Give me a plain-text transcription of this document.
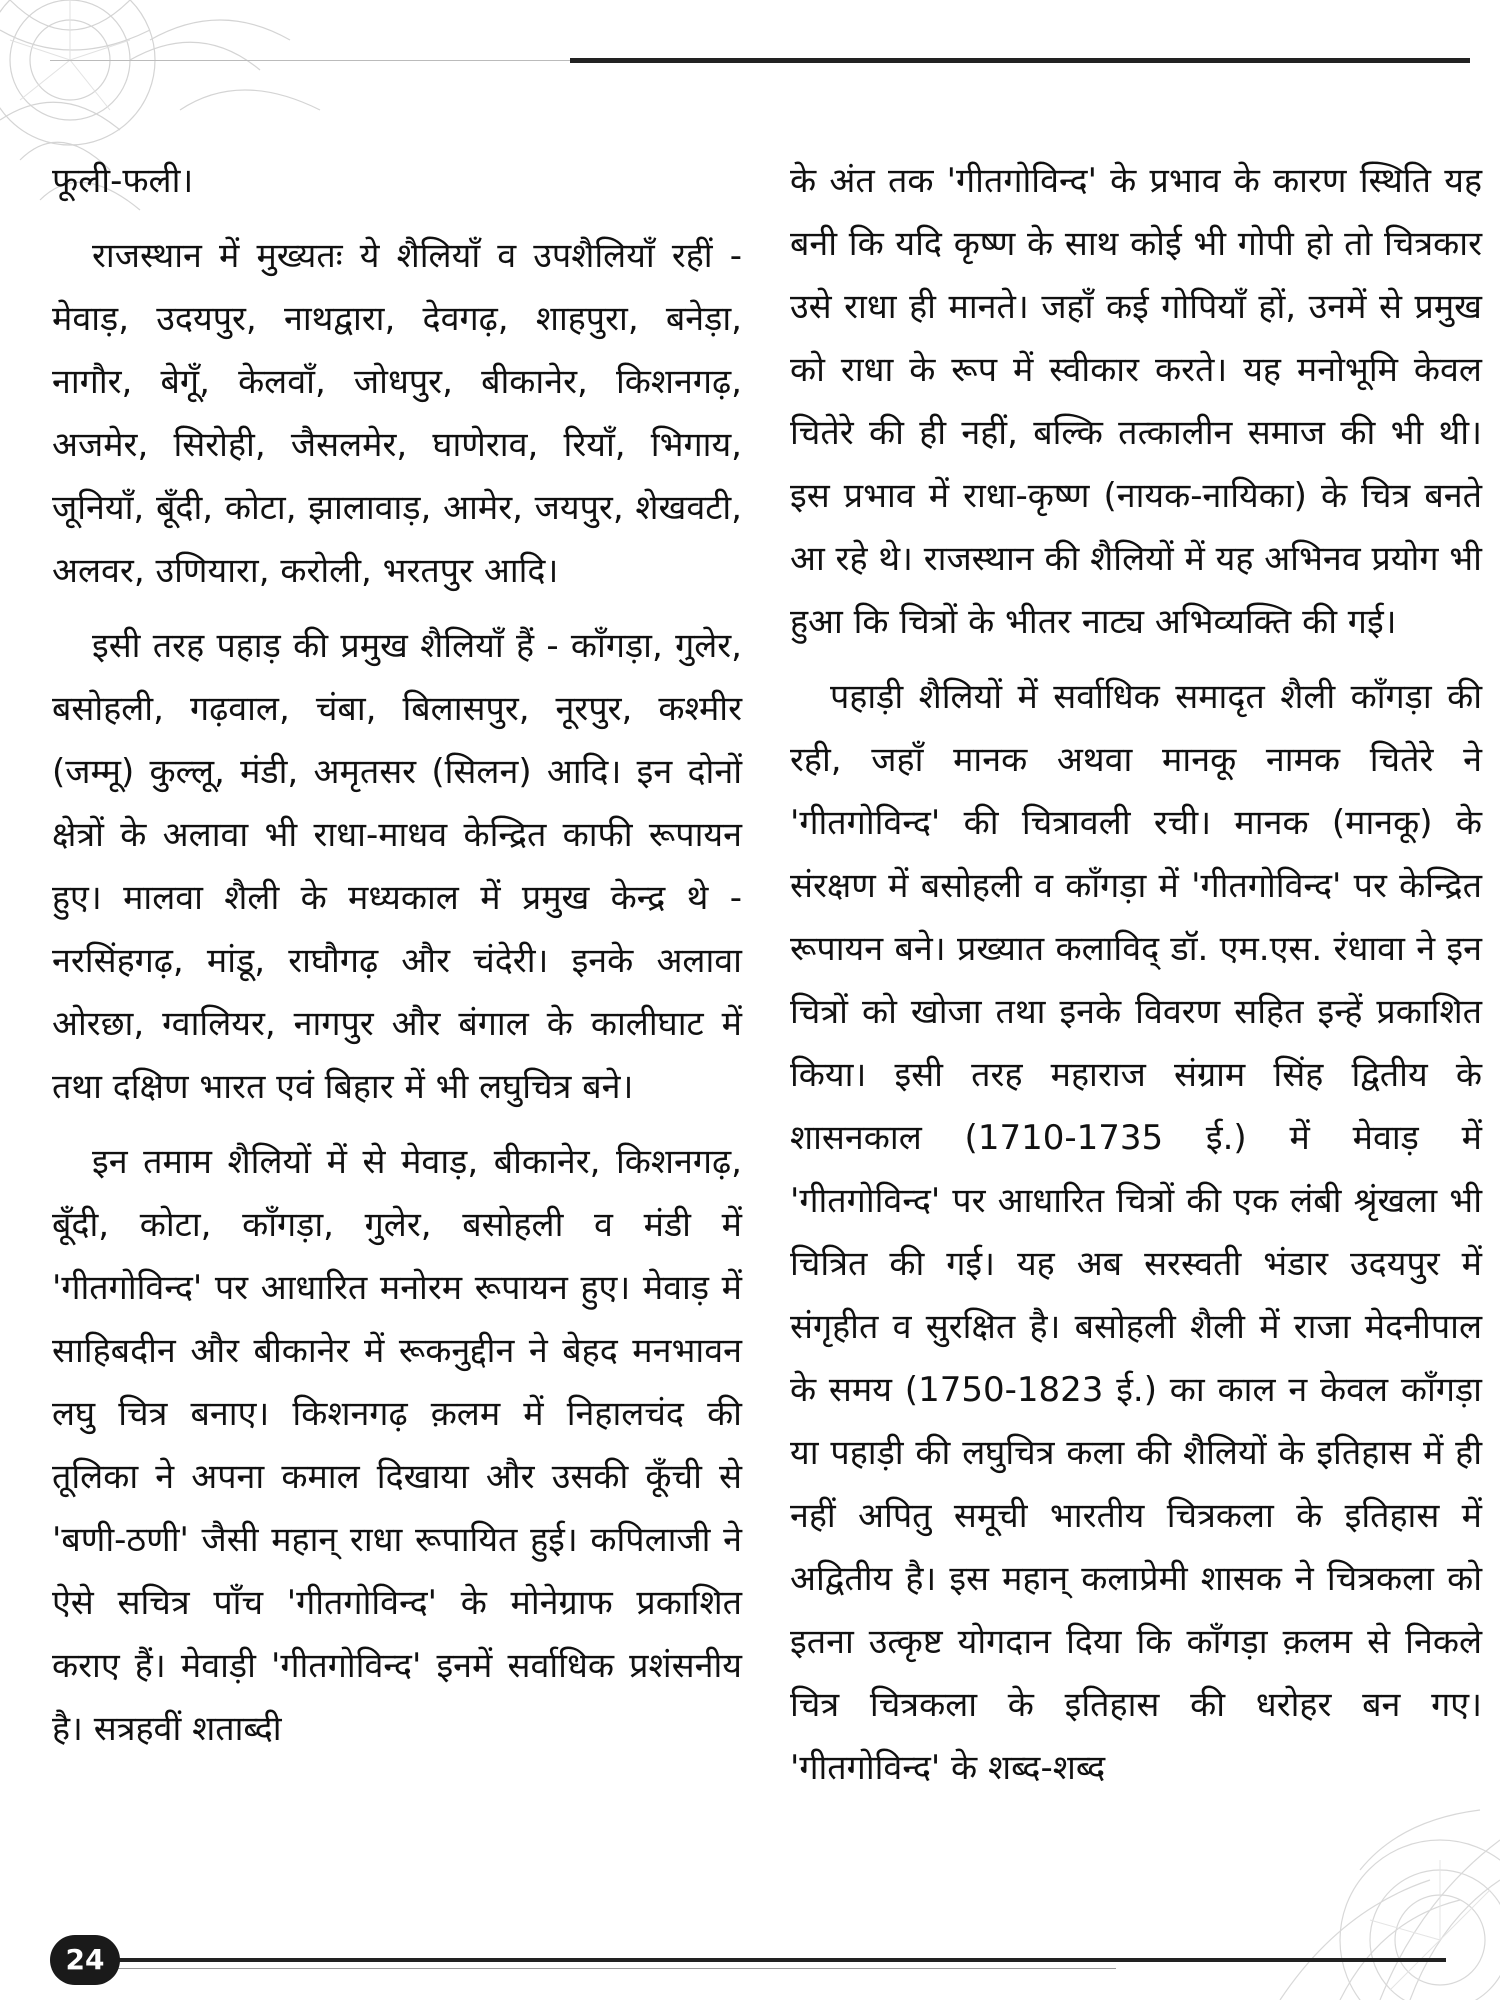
फूली-फली।

राजस्थान में मुख्यतः ये शैलियाँ व उपशैलियाँ रहीं - मेवाड़, उदयपुर, नाथद्वारा, देवगढ़, शाहपुरा, बनेड़ा, नागौर, बेगूँ, केलवाँ, जोधपुर, बीकानेर, किशनगढ़, अजमेर, सिरोही, जैसलमेर, घाणेराव, रियाँ, भिगाय, जूनियाँ, बूँदी, कोटा, झालावाड़, आमेर, जयपुर, शेखवटी, अलवर, उणियारा, करोली, भरतपुर आदि।

इसी तरह पहाड़ की प्रमुख शैलियाँ हैं - काँगड़ा, गुलेर, बसोहली, गढ़वाल, चंबा, बिलासपुर, नूरपुर, कश्मीर (जम्मू) कुल्लू, मंडी, अमृतसर (सिलन) आदि। इन दोनों क्षेत्रों के अलावा भी राधा-माधव केन्द्रित काफी रूपायन हुए। मालवा शैली के मध्यकाल में प्रमुख केन्द्र थे - नरसिंहगढ़, मांडू, राघौगढ़ और चंदेरी। इनके अलावा ओरछा, ग्वालियर, नागपुर और बंगाल के कालीघाट में तथा दक्षिण भारत एवं बिहार में भी लघुचित्र बने।

इन तमाम शैलियों में से मेवाड़, बीकानेर, किशनगढ़, बूँदी, कोटा, काँगड़ा, गुलेर, बसोहली व मंडी में 'गीतगोविन्द' पर आधारित मनोरम रूपायन हुए। मेवाड़ में साहिबदीन और बीकानेर में रूकनुद्दीन ने बेहद मनभावन लघु चित्र बनाए। किशनगढ़ क़लम में निहालचंद की तूलिका ने अपना कमाल दिखाया और उसकी कूँची से 'बणी-ठणी' जैसी महान् राधा रूपायित हुई। कपिलाजी ने ऐसे सचित्र पाँच 'गीतगोविन्द' के मोनेग्राफ प्रकाशित कराए हैं। मेवाड़ी 'गीतगोविन्द' इनमें सर्वाधिक प्रशंसनीय है। सत्रहवीं शताब्दी

के अंत तक 'गीतगोविन्द' के प्रभाव के कारण स्थिति यह बनी कि यदि कृष्ण के साथ कोई भी गोपी हो तो चित्रकार उसे राधा ही मानते। जहाँ कई गोपियाँ हों, उनमें से प्रमुख को राधा के रूप में स्वीकार करते। यह मनोभूमि केवल चितेरे की ही नहीं, बल्कि तत्कालीन समाज की भी थी। इस प्रभाव में राधा-कृष्ण (नायक-नायिका) के चित्र बनते आ रहे थे। राजस्थान की शैलियों में यह अभिनव प्रयोग भी हुआ कि चित्रों के भीतर नाट्य अभिव्यक्ति की गई।

पहाड़ी शैलियों में सर्वाधिक समादृत शैली काँगड़ा की रही, जहाँ मानक अथवा मानकू नामक चितेरे ने 'गीतगोविन्द' की चित्रावली रची। मानक (मानकू) के संरक्षण में बसोहली व काँगड़ा में 'गीतगोविन्द' पर केन्द्रित रूपायन बने। प्रख्यात कलाविद् डॉ. एम.एस. रंधावा ने इन चित्रों को खोजा तथा इनके विवरण सहित इन्हें प्रकाशित किया। इसी तरह महाराज संग्राम सिंह द्वितीय के शासनकाल (1710-1735 ई.) में मेवाड़ में 'गीतगोविन्द' पर आधारित चित्रों की एक लंबी श्रृंखला भी चित्रित की गई। यह अब सरस्वती भंडार उदयपुर में संगृहीत व सुरक्षित है। बसोहली शैली में राजा मेदनीपाल के समय (1750-1823 ई.) का काल न केवल काँगड़ा या पहाड़ी की लघुचित्र कला की शैलियों के इतिहास में ही नहीं अपितु समूची भारतीय चित्रकला के इतिहास में अद्वितीय है। इस महान् कलाप्रेमी शासक ने चित्रकला को इतना उत्कृष्ट योगदान दिया कि काँगड़ा क़लम से निकले चित्र चित्रकला के इतिहास की धरोहर बन गए। 'गीतगोविन्द' के शब्द-शब्द

24
